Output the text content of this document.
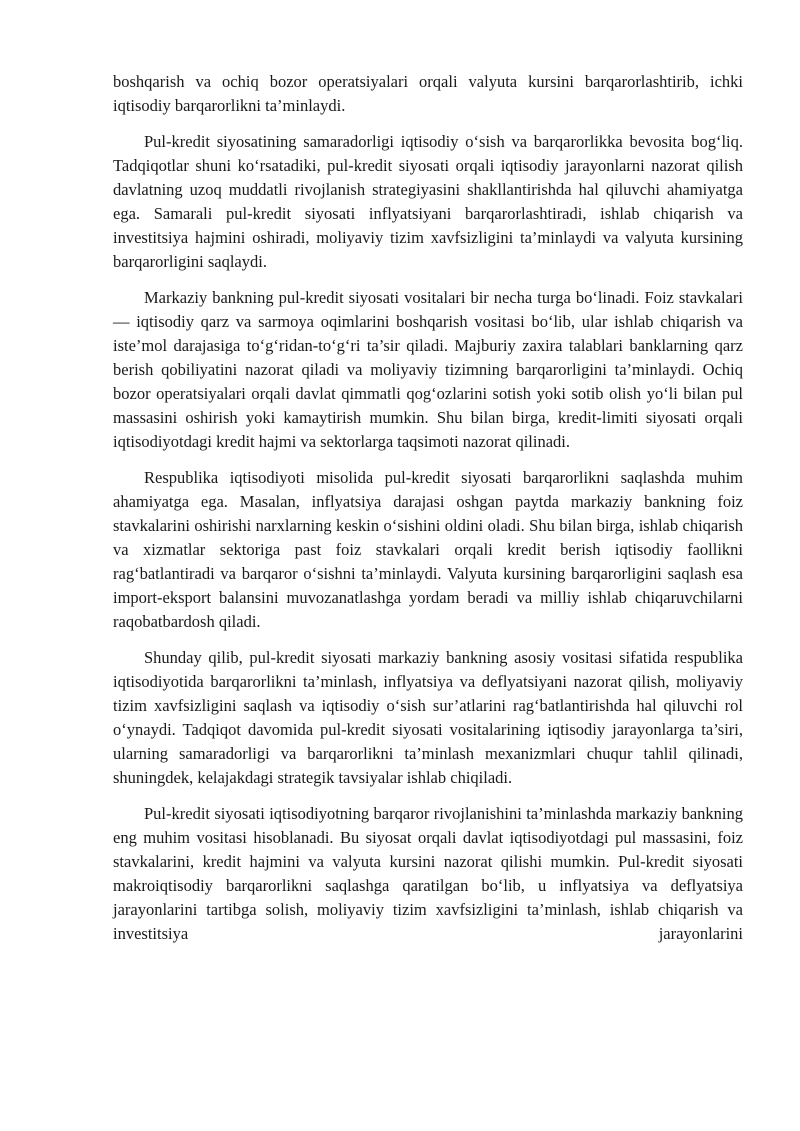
boshqarish va ochiq bozor operatsiyalari orqali valyuta kursini barqarorlashtirib, ichki iqtisodiy barqarorlikni ta’minlaydi.

Pul-kredit siyosatining samaradorligi iqtisodiy o‘sish va barqarorlikka bevosita bog‘liq. Tadqiqotlar shuni ko‘rsatadiki, pul-kredit siyosati orqali iqtisodiy jarayonlarni nazorat qilish davlatning uzoq muddatli rivojlanish strategiyasini shakllantirishda hal qiluvchi ahamiyatga ega. Samarali pul-kredit siyosati inflyatsiyani barqarorlashtiradi, ishlab chiqarish va investitsiya hajmini oshiradi, moliyaviy tizim xavfsizligini ta’minlaydi va valyuta kursining barqarorligini saqlaydi.

Markaziy bankning pul-kredit siyosati vositalari bir necha turga bo‘linadi. Foiz stavkalari — iqtisodiy qarz va sarmoya oqimlarini boshqarish vositasi bo‘lib, ular ishlab chiqarish va iste’mol darajasiga to‘g‘ridan-to‘g‘ri ta’sir qiladi. Majburiy zaxira talablari banklarning qarz berish qobiliyatini nazorat qiladi va moliyaviy tizimning barqarorligini ta’minlaydi. Ochiq bozor operatsiyalari orqali davlat qimmatli qog‘ozlarini sotish yoki sotib olish yo‘li bilan pul massasini oshirish yoki kamaytirish mumkin. Shu bilan birga, kredit-limiti siyosati orqali iqtisodiyotdagi kredit hajmi va sektorlarga taqsimoti nazorat qilinadi.

Respublika iqtisodiyoti misolida pul-kredit siyosati barqarorlikni saqlashda muhim ahamiyatga ega. Masalan, inflyatsiya darajasi oshgan paytda markaziy bankning foiz stavkalarini oshirishi narxlarning keskin o‘sishini oldini oladi. Shu bilan birga, ishlab chiqarish va xizmatlar sektoriga past foiz stavkalari orqali kredit berish iqtisodiy faollikni rag‘batlantiradi va barqaror o‘sishni ta’minlaydi. Valyuta kursining barqarorligini saqlash esa import-eksport balansini muvozanatlashga yordam beradi va milliy ishlab chiqaruvchilarni raqobatbardosh qiladi.

Shunday qilib, pul-kredit siyosati markaziy bankning asosiy vositasi sifatida respublika iqtisodiyotida barqarorlikni ta’minlash, inflyatsiya va deflyatsiyani nazorat qilish, moliyaviy tizim xavfsizligini saqlash va iqtisodiy o‘sish sur’atlarini rag‘batlantirishda hal qiluvchi rol o‘ynaydi. Tadqiqot davomida pul-kredit siyosati vositalarining iqtisodiy jarayonlarga ta’siri, ularning samaradorligi va barqarorlikni ta’minlash mexanizmlari chuqur tahlil qilinadi, shuningdek, kelajakdagi strategik tavsiyalar ishlab chiqiladi.

Pul-kredit siyosati iqtisodiyotning barqaror rivojlanishini ta’minlashda markaziy bankning eng muhim vositasi hisoblanadi. Bu siyosat orqali davlat iqtisodiyotdagi pul massasini, foiz stavkalarini, kredit hajmini va valyuta kursini nazorat qilishi mumkin. Pul-kredit siyosati makroiqtisodiy barqarorlikni saqlashga qaratilgan bo‘lib, u inflyatsiya va deflyatsiya jarayonlarini tartibga solish, moliyaviy tizim xavfsizligini ta’minlash, ishlab chiqarish va investitsiya jarayonlarini
